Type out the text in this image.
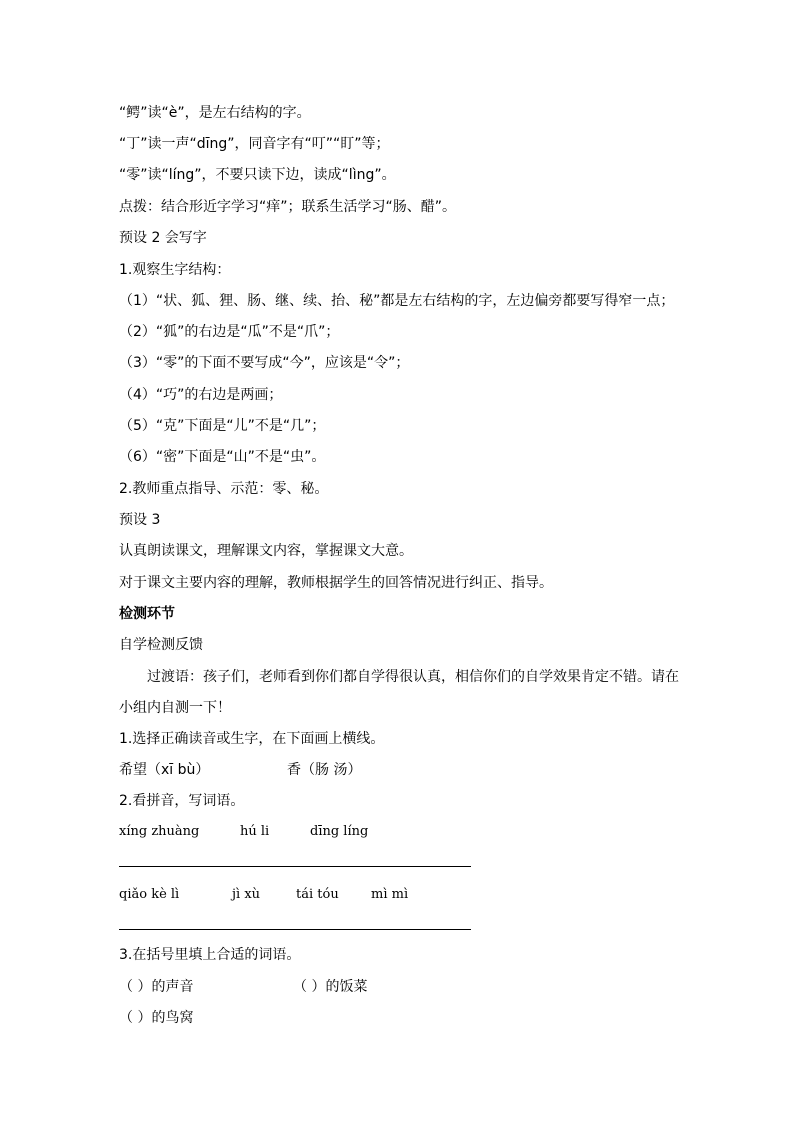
“鳄”读“è”，是左右结构的字。
“丁”读一声“dīng”，同音字有“叮”“盯”等；
“零”读“líng”，不要只读下边，读成“lìng”。
点拨：结合形近字学习“痒”；联系生活学习“肠、醋”。
预设 2 会写字
1.观察生字结构：
（1）“状、狐、狸、肠、继、续、抬、秘”都是左右结构的字，左边偏旁都要写得窄一点；
（2）“狐”的右边是“瓜”不是“爪”；
（3）“零”的下面不要写成“今”，应该是“令”；
（4）“巧”的右边是两画；
（5）“克”下面是“儿”不是“几”；
（6）“密”下面是“山”不是“虫”。
2.教师重点指导、示范：零、秘。
预设 3
认真朗读课文，理解课文内容，掌握课文大意。
对于课文主要内容的理解，教师根据学生的回答情况进行纠正、指导。
检测环节
自学检测反馈
过渡语：孩子们，老师看到你们都自学得很认真，相信你们的自学效果肯定不错。请在
小组内自测一下！
1.选择正确读音或生字，在下面画上横线。
希望（xī bù）	香（肠 汤）
2.看拼音，写词语。
xíng zhuàng	hú li	dīng líng
qiǎo kè lì	jì xù	tái tóu mì mì
3.在括号里填上合适的词语。
（ ）的声音	（ ）的饭菜
（ ）的鸟窝
